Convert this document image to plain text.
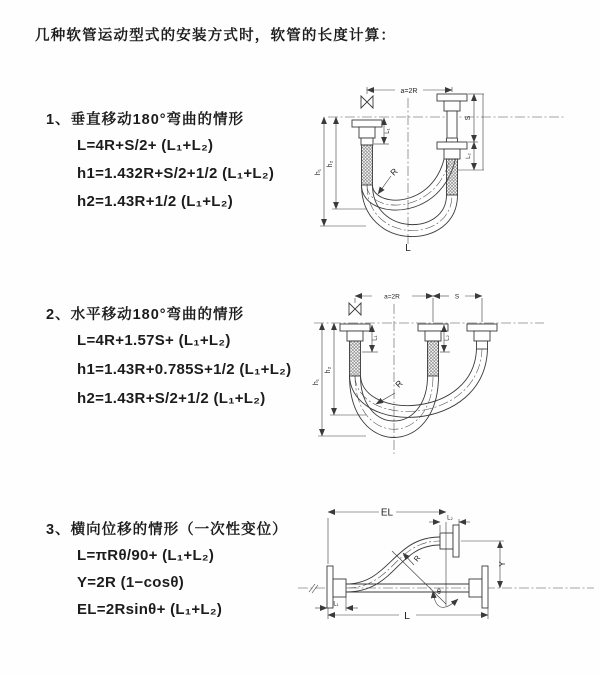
几种软管运动型式的安装方式时，软管的长度计算：
1、垂直移动180°弯曲的情形
L=4R+S/2+ (L₁+L₂)
h1=1.432R+S/2+1/2 (L₁+L₂)
h2=1.43R+1/2 (L₁+L₂)
2、水平移动180°弯曲的情形
L=4R+1.57S+ (L₁+L₂)
h1=1.43R+0.785S+1/2 (L₁+L₂)
h2=1.43R+S/2+1/2 (L₁+L₂)
3、横向位移的情形（一次性变位）
L=πRθ/90+ (L₁+L₂)
Y=2R (1−cosθ)
EL=2Rsinθ+ (L₁+L₂)
a=2R
S
L₂
L₁
h₁
h₂
R
L
a=2R	S
h₁
h₂
L₁	L₂
R
EL
L₂
Y
R
θ
L
L₁
